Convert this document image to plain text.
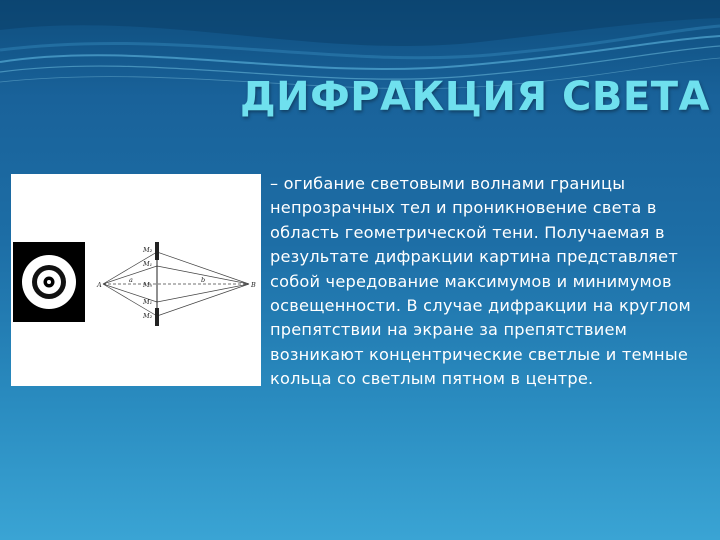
ДИФРАКЦИЯ СВЕТА
A	B
a	b
M₂
M₁
M₀
M₁
M₂

– огибание световыми волнами границы непрозрачных тел и проникновение света в область геометрической тени. Получаемая в результате дифракции картина представляет собой чередование максимумов и минимумов освещенности. В случае дифракции на круглом препятствии на экране за препятствием возникают концентрические светлые и темные кольца со светлым пятном в центре.
